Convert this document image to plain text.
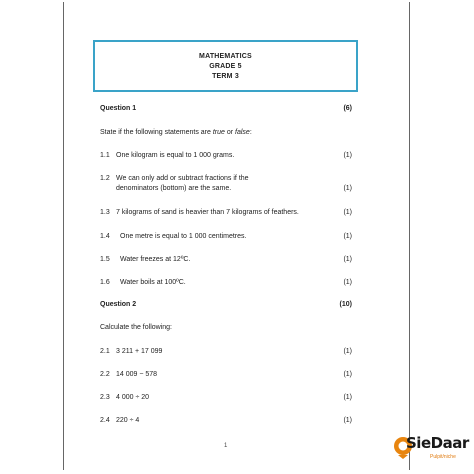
MATHEMATICS
GRADE 5
TERM 3
Question 1	(6)
State if the following statements are true or false:
1.1 One kilogram is equal to 1 000 grams.	(1)
1.2 We can only add or subtract fractions if the denominators (bottom) are the same.	(1)
1.3 7 kilograms of sand is heavier than 7 kilograms of feathers.	(1)
1.4	One metre is equal to 1 000 centimetres.	(1)
1.5	Water freezes at 12ºC.	(1)
1.6	Water boils at 100ºC.	(1)
Question 2	(10)
Calculate the following:
2.1 3 211 + 17 099	(1)
2.2 14 009 − 578	(1)
2.3 4 000 ÷ 20	(1)
2.4 220 ÷ 4	(1)
1	SieDaar
Pulpit/niche
